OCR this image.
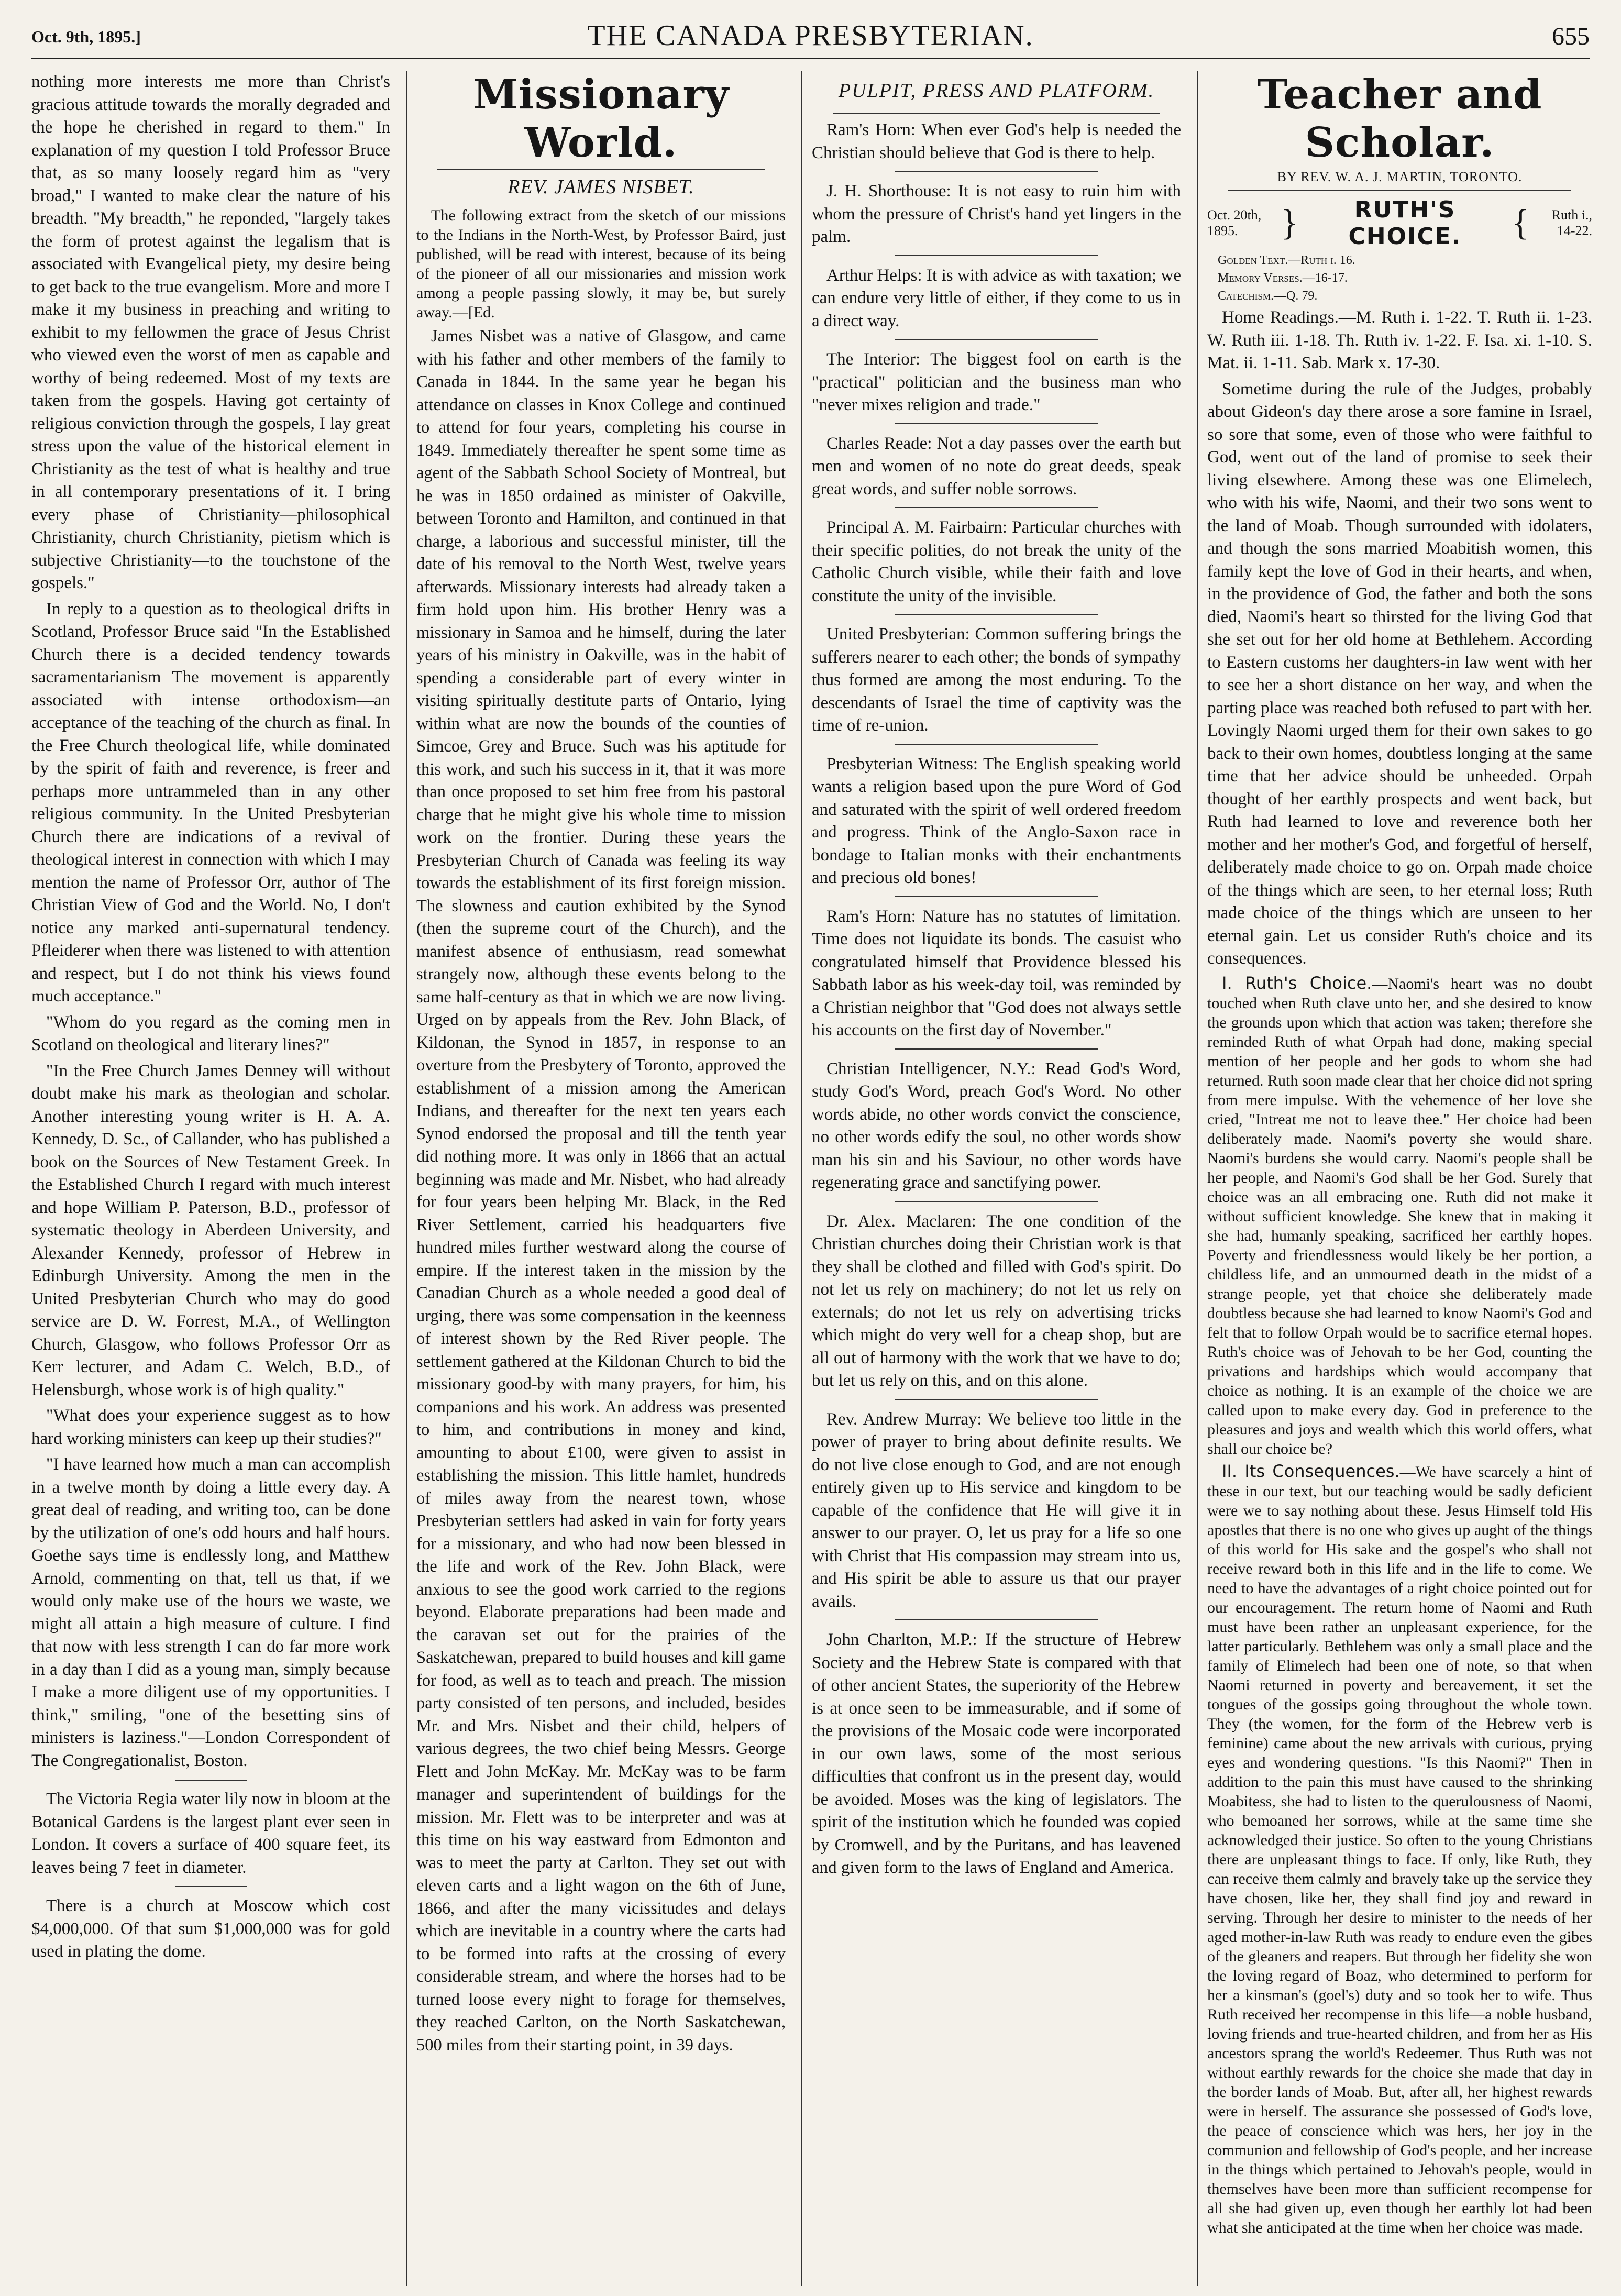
Oct. 9th, 1895.]	THE CANADA PRESBYTERIAN.	655

nothing more interests me more than Christ's gracious attitude towards the morally degraded and the hope he cherished in regard to them." In explanation of my question I told Professor Bruce that, as so many loosely regard him as "very broad," I wanted to make clear the nature of his breadth. "My breadth," he reponded, "largely takes the form of protest against the legalism that is associated with Evangelical piety, my desire being to get back to the true evangelism. More and more I make it my business in preaching and writing to exhibit to my fellowmen the grace of Jesus Christ who viewed even the worst of men as capable and worthy of being redeemed. Most of my texts are taken from the gospels. Having got certainty of religious conviction through the gospels, I lay great stress upon the value of the historical element in Christianity as the test of what is healthy and true in all contemporary presentations of it. I bring every phase of Christianity—philosophical Christianity, church Christianity, pietism which is subjective Christianity—to the touchstone of the gospels."

In reply to a question as to theological drifts in Scotland, Professor Bruce said "In the Established Church there is a decided tendency towards sacramentarianism The movement is apparently associated with intense orthodoxism—an acceptance of the teaching of the church as final. In the Free Church theological life, while dominated by the spirit of faith and reverence, is freer and perhaps more untrammeled than in any other religious community. In the United Presbyterian Church there are indications of a revival of theological interest in connection with which I may mention the name of Professor Orr, author of The Christian View of God and the World. No, I don't notice any marked anti-supernatural tendency. Pfleiderer when there was listened to with attention and respect, but I do not think his views found much acceptance."

"Whom do you regard as the coming men in Scotland on theological and literary lines?"

"In the Free Church James Denney will without doubt make his mark as theologian and scholar. Another interesting young writer is H. A. A. Kennedy, D. Sc., of Callander, who has published a book on the Sources of New Testament Greek. In the Established Church I regard with much interest and hope William P. Paterson, B.D., professor of systematic theology in Aberdeen University, and Alexander Kennedy, professor of Hebrew in Edinburgh University. Among the men in the United Presbyterian Church who may do good service are D. W. Forrest, M.A., of Wellington Church, Glasgow, who follows Professor Orr as Kerr lecturer, and Adam C. Welch, B.D., of Helensburgh, whose work is of high quality."

"What does your experience suggest as to how hard working ministers can keep up their studies?"

"I have learned how much a man can accomplish in a twelve month by doing a little every day. A great deal of reading, and writing too, can be done by the utilization of one's odd hours and half hours. Goethe says time is endlessly long, and Matthew Arnold, commenting on that, tell us that, if we would only make use of the hours we waste, we might all attain a high measure of culture. I find that now with less strength I can do far more work in a day than I did as a young man, simply because I make a more diligent use of my opportunities. I think," smiling, "one of the besetting sins of ministers is laziness."—London Correspondent of The Congregationalist, Boston.

The Victoria Regia water lily now in bloom at the Botanical Gardens is the largest plant ever seen in London. It covers a surface of 400 square feet, its leaves being 7 feet in diameter.

There is a church at Moscow which cost $4,000,000. Of that sum $1,000,000 was for gold used in plating the dome.

Missionary World.
REV. JAMES NISBET.

The following extract from the sketch of our missions to the Indians in the North-West, by Professor Baird, just published, will be read with interest, because of its being of the pioneer of all our missionaries and mission work among a people passing slowly, it may be, but surely away.—[Ed.

James Nisbet was a native of Glasgow, and came with his father and other members of the family to Canada in 1844. In the same year he began his attendance on classes in Knox College and continued to attend for four years, completing his course in 1849. Immediately thereafter he spent some time as agent of the Sabbath School Society of Montreal, but he was in 1850 ordained as minister of Oakville, between Toronto and Hamilton, and continued in that charge, a laborious and successful minister, till the date of his removal to the North West, twelve years afterwards. Missionary interests had already taken a firm hold upon him. His brother Henry was a missionary in Samoa and he himself, during the later years of his ministry in Oakville, was in the habit of spending a considerable part of every winter in visiting spiritually destitute parts of Ontario, lying within what are now the bounds of the counties of Simcoe, Grey and Bruce. Such was his aptitude for this work, and such his success in it, that it was more than once proposed to set him free from his pastoral charge that he might give his whole time to mission work on the frontier. During these years the Presbyterian Church of Canada was feeling its way towards the establishment of its first foreign mission. The slowness and caution exhibited by the Synod (then the supreme court of the Church), and the manifest absence of enthusiasm, read somewhat strangely now, although these events belong to the same half-century as that in which we are now living. Urged on by appeals from the Rev. John Black, of Kildonan, the Synod in 1857, in response to an overture from the Presbytery of Toronto, approved the establishment of a mission among the American Indians, and thereafter for the next ten years each Synod endorsed the proposal and till the tenth year did nothing more. It was only in 1866 that an actual beginning was made and Mr. Nisbet, who had already for four years been helping Mr. Black, in the Red River Settlement, carried his headquarters five hundred miles further westward along the course of empire. If the interest taken in the mission by the Canadian Church as a whole needed a good deal of urging, there was some compensation in the keenness of interest shown by the Red River people. The settlement gathered at the Kildonan Church to bid the missionary good-by with many prayers, for him, his companions and his work. An address was presented to him, and contributions in money and kind, amounting to about £100, were given to assist in establishing the mission. This little hamlet, hundreds of miles away from the nearest town, whose Presbyterian settlers had asked in vain for forty years for a missionary, and who had now been blessed in the life and work of the Rev. John Black, were anxious to see the good work carried to the regions beyond. Elaborate preparations had been made and the caravan set out for the prairies of the Saskatchewan, prepared to build houses and kill game for food, as well as to teach and preach. The mission party consisted of ten persons, and included, besides Mr. and Mrs. Nisbet and their child, helpers of various degrees, the two chief being Messrs. George Flett and John McKay. Mr. McKay was to be farm manager and superintendent of buildings for the mission. Mr. Flett was to be interpreter and was at this time on his way eastward from Edmonton and was to meet the party at Carlton. They set out with eleven carts and a light wagon on the 6th of June, 1866, and after the many vicissitudes and delays which are inevitable in a country where the carts had to be formed into rafts at the crossing of every considerable stream, and where the horses had to be turned loose every night to forage for themselves, they reached Carlton, on the North Saskatchewan, 500 miles from their starting point, in 39 days.

PULPIT, PRESS AND PLATFORM.

Ram's Horn: When ever God's help is needed the Christian should believe that God is there to help.

J. H. Shorthouse: It is not easy to ruin him with whom the pressure of Christ's hand yet lingers in the palm.

Arthur Helps: It is with advice as with taxation; we can endure very little of either, if they come to us in a direct way.

The Interior: The biggest fool on earth is the "practical" politician and the business man who "never mixes religion and trade."

Charles Reade: Not a day passes over the earth but men and women of no note do great deeds, speak great words, and suffer noble sorrows.

Principal A. M. Fairbairn: Particular churches with their specific polities, do not break the unity of the Catholic Church visible, while their faith and love constitute the unity of the invisible.

United Presbyterian: Common suffering brings the sufferers nearer to each other; the bonds of sympathy thus formed are among the most enduring. To the descendants of Israel the time of captivity was the time of re-union.

Presbyterian Witness: The English speaking world wants a religion based upon the pure Word of God and saturated with the spirit of well ordered freedom and progress. Think of the Anglo-Saxon race in bondage to Italian monks with their enchantments and precious old bones!

Ram's Horn: Nature has no statutes of limitation. Time does not liquidate its bonds. The casuist who congratulated himself that Providence blessed his Sabbath labor as his week-day toil, was reminded by a Christian neighbor that "God does not always settle his accounts on the first day of November."

Christian Intelligencer, N.Y.: Read God's Word, study God's Word, preach God's Word. No other words abide, no other words convict the conscience, no other words edify the soul, no other words show man his sin and his Saviour, no other words have regenerating grace and sanctifying power.

Dr. Alex. Maclaren: The one condition of the Christian churches doing their Christian work is that they shall be clothed and filled with God's spirit. Do not let us rely on machinery; do not let us rely on externals; do not let us rely on advertising tricks which might do very well for a cheap shop, but are all out of harmony with the work that we have to do; but let us rely on this, and on this alone.

Rev. Andrew Murray: We believe too little in the power of prayer to bring about definite results. We do not live close enough to God, and are not enough entirely given up to His service and kingdom to be capable of the confidence that He will give it in answer to our prayer. O, let us pray for a life so one with Christ that His compassion may stream into us, and His spirit be able to assure us that our prayer avails.

John Charlton, M.P.: If the structure of Hebrew Society and the Hebrew State is compared with that of other ancient States, the superiority of the Hebrew is at once seen to be immeasurable, and if some of the provisions of the Mosaic code were incorporated in our own laws, some of the most serious difficulties that confront us in the present day, would be avoided. Moses was the king of legislators. The spirit of the institution which he founded was copied by Cromwell, and by the Puritans, and has leavened and given form to the laws of England and America.

Teacher and Scholar.
BY REV. W. A. J. MARTIN, TORONTO.
Oct. 20th, 1895.	}	RUTH'S CHOICE.	{	Ruth i., 14-22.
Golden Text.—Ruth i. 16.
Memory Verses.—16-17.
Catechism.—Q. 79.

Home Readings.—M. Ruth i. 1-22. T. Ruth ii. 1-23. W. Ruth iii. 1-18. Th. Ruth iv. 1-22. F. Isa. xi. 1-10. S. Mat. ii. 1-11. Sab. Mark x. 17-30.

Sometime during the rule of the Judges, probably about Gideon's day there arose a sore famine in Israel, so sore that some, even of those who were faithful to God, went out of the land of promise to seek their living elsewhere. Among these was one Elimelech, who with his wife, Naomi, and their two sons went to the land of Moab. Though surrounded with idolaters, and though the sons married Moabitish women, this family kept the love of God in their hearts, and when, in the providence of God, the father and both the sons died, Naomi's heart so thirsted for the living God that she set out for her old home at Bethlehem. According to Eastern customs her daughters-in law went with her to see her a short distance on her way, and when the parting place was reached both refused to part with her. Lovingly Naomi urged them for their own sakes to go back to their own homes, doubtless longing at the same time that her advice should be unheeded. Orpah thought of her earthly prospects and went back, but Ruth had learned to love and reverence both her mother and her mother's God, and forgetful of herself, deliberately made choice to go on. Orpah made choice of the things which are seen, to her eternal loss; Ruth made choice of the things which are unseen to her eternal gain. Let us consider Ruth's choice and its consequences.

I. Ruth's Choice.—Naomi's heart was no doubt touched when Ruth clave unto her, and she desired to know the grounds upon which that action was taken; therefore she reminded Ruth of what Orpah had done, making special mention of her people and her gods to whom she had returned. Ruth soon made clear that her choice did not spring from mere impulse. With the vehemence of her love she cried, "Intreat me not to leave thee." Her choice had been deliberately made. Naomi's poverty she would share. Naomi's burdens she would carry. Naomi's people shall be her people, and Naomi's God shall be her God. Surely that choice was an all embracing one. Ruth did not make it without sufficient knowledge. She knew that in making it she had, humanly speaking, sacrificed her earthly hopes. Poverty and friendlessness would likely be her portion, a childless life, and an unmourned death in the midst of a strange people, yet that choice she deliberately made doubtless because she had learned to know Naomi's God and felt that to follow Orpah would be to sacrifice eternal hopes. Ruth's choice was of Jehovah to be her God, counting the privations and hardships which would accompany that choice as nothing. It is an example of the choice we are called upon to make every day. God in preference to the pleasures and joys and wealth which this world offers, what shall our choice be?

II. Its Consequences.—We have scarcely a hint of these in our text, but our teaching would be sadly deficient were we to say nothing about these. Jesus Himself told His apostles that there is no one who gives up aught of the things of this world for His sake and the gospel's who shall not receive reward both in this life and in the life to come. We need to have the advantages of a right choice pointed out for our encouragement. The return home of Naomi and Ruth must have been rather an unpleasant experience, for the latter particularly. Bethlehem was only a small place and the family of Elimelech had been one of note, so that when Naomi returned in poverty and bereavement, it set the tongues of the gossips going throughout the whole town. They (the women, for the form of the Hebrew verb is feminine) came about the new arrivals with curious, prying eyes and wondering questions. "Is this Naomi?" Then in addition to the pain this must have caused to the shrinking Moabitess, she had to listen to the querulousness of Naomi, who bemoaned her sorrows, while at the same time she acknowledged their justice. So often to the young Christians there are unpleasant things to face. If only, like Ruth, they can receive them calmly and bravely take up the service they have chosen, like her, they shall find joy and reward in serving. Through her desire to minister to the needs of her aged mother-in-law Ruth was ready to endure even the gibes of the gleaners and reapers. But through her fidelity she won the loving regard of Boaz, who determined to perform for her a kinsman's (goel's) duty and so took her to wife. Thus Ruth received her recompense in this life—a noble husband, loving friends and true-hearted children, and from her as His ancestors sprang the world's Redeemer. Thus Ruth was not without earthly rewards for the choice she made that day in the border lands of Moab. But, after all, her highest rewards were in herself. The assurance she possessed of God's love, the peace of conscience which was hers, her joy in the communion and fellowship of God's people, and her increase in the things which pertained to Jehovah's people, would in themselves have been more than sufficient recompense for all she had given up, even though her earthly lot had been what she anticipated at the time when her choice was made.
